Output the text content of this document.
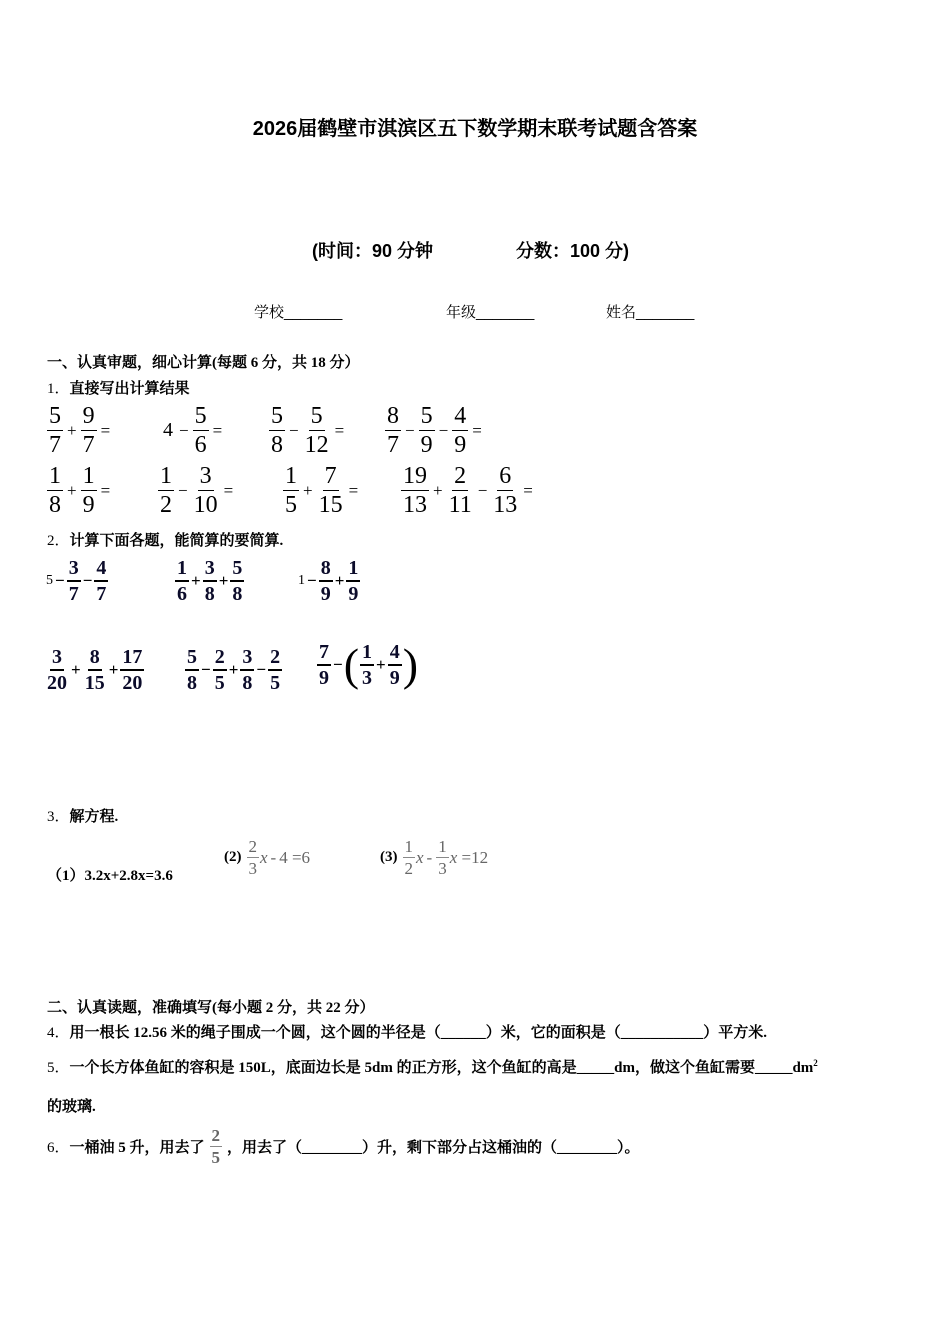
2026届鹤壁市淇滨区五下数学期末联考试题含答案
(时间：90 分钟	分数：100 分)
学校_______	年级_______	姓名_______
一、认真审题，细心计算(每题 6 分，共 18 分）
1．直接写出计算结果
5
7
+ $\frac{9}{7}$ =	$4 - \frac{5}{6}$ =
5
8
− $\frac{5}{12}$ =
8
7
− $\frac{5}{9} - \frac{4}{9}$ =
1
8
+ $\frac{1}{9}$ =
1
2
− $\frac{3}{10}$ =
1
5
+ $\frac{7}{15}$ =
19
13
+ $\frac{2}{11} - \frac{6}{13}$ =
2．计算下面各题，能简算的要简算.
$5 - \frac{3}{7} - \frac{4}{7}$	1
6
+ $\frac{3}{8} + \frac{5}{8}$	$1 - \frac{8}{9} + \frac{1}{9}$
3
20
+ $\frac{8}{15} + \frac{17}{20} 5$
8
− $\frac{2}{5} + \frac{3}{8} - \frac{2}{5} 7$
9
− ( 1
3
+ $\frac{4}{9}$ )
3．解方程.
（1）3.2x+2.8x=3.6
(2)
2
3
x - 4 =6	(3)
1
2
x -
1
3
x =12
二、认真读题，准确填写(每小题 2 分，共 22 分）
4．用一根长 12.56 米的绳子围成一个圆，这个圆的半径是（______）米，它的面积是（___________）平方米.
5．一个长方体鱼缸的容积是 150L，底面边长是 5dm 的正方形，这个鱼缸的高是_____dm，做这个鱼缸需要$\_\_\_\_\_dm^2$
的玻璃.
6． 一桶油 5 升，用去了 $\frac{2}{5}$ ，用去了（________）升，剩下部分占这桶油的（________）。
